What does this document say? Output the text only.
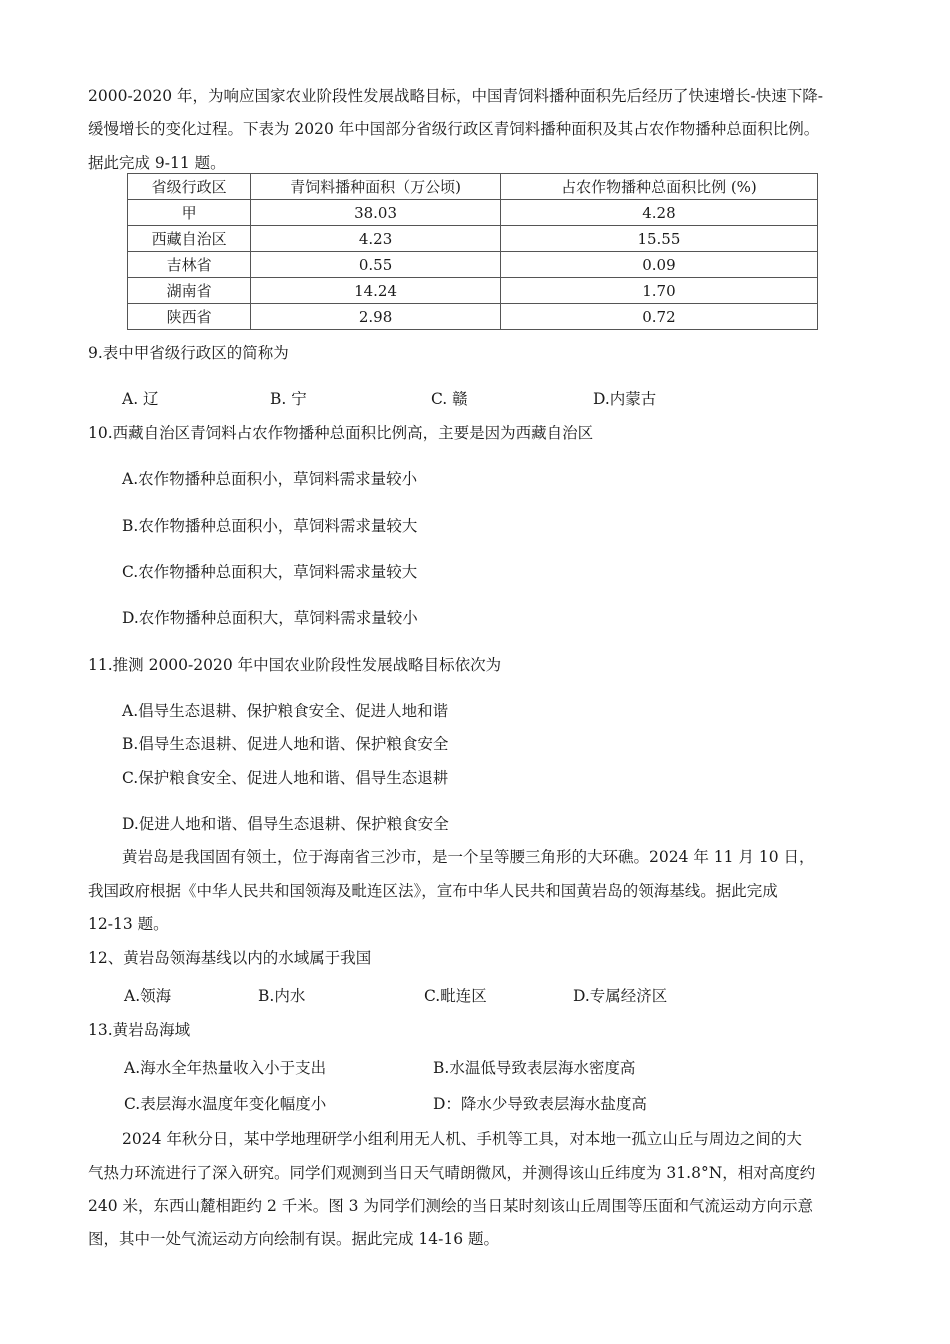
2000-2020 年，为响应国家农业阶段性发展战略目标，中国青饲料播种面积先后经历了快速增长-快速下降-
缓慢增长的变化过程。下表为 2020 年中国部分省级行政区青饲料播种面积及其占农作物播种总面积比例。
据此完成 9-11 题。
省级行政区	青饲料播种面积（万公顷)	占农作物播种总面积比例 (%)
甲	38.03	4.28
西藏自治区	4.23	15.55
吉林省	0.55	0.09
湖南省	14.24	1.70
陕西省	2.98	0.72
9.表中甲省级行政区的简称为
A. 辽	B. 宁	C. 赣	D.内蒙古
10.西藏自治区青饲料占农作物播种总面积比例高，主要是因为西藏自治区
A.农作物播种总面积小，草饲料需求量较小
B.农作物播种总面积小，草饲料需求量较大
C.农作物播种总面积大，草饲料需求量较大
D.农作物播种总面积大，草饲料需求量较小
11.推测 2000-2020 年中国农业阶段性发展战略目标依次为
A.倡导生态退耕、保护粮食安全、促进人地和谐
B.倡导生态退耕、促进人地和谐、保护粮食安全
C.保护粮食安全、促进人地和谐、倡导生态退耕
D.促进人地和谐、倡导生态退耕、保护粮食安全
黄岩岛是我国固有领土，位于海南省三沙市，是一个呈等腰三角形的大环礁。2024 年 11 月 10 日，
我国政府根据《中华人民共和国领海及毗连区法》，宣布中华人民共和国黄岩岛的领海基线。据此完成
12-13 题。
12、黄岩岛领海基线以内的水域属于我国
A.领海	B.内水	C.毗连区	D.专属经济区
13.黄岩岛海域
A.海水全年热量收入小于支出	B.水温低导致表层海水密度高
C.表层海水温度年变化幅度小	D：降水少导致表层海水盐度高
2024 年秋分日，某中学地理研学小组利用无人机、手机等工具，对本地一孤立山丘与周边之间的大
气热力环流进行了深入研究。同学们观测到当日天气晴朗微风，并测得该山丘纬度为 31.8°N，相对高度约
240 米，东西山麓相距约 2 千米。图 3 为同学们测绘的当日某时刻该山丘周围等压面和气流运动方向示意
图，其中一处气流运动方向绘制有误。据此完成 14-16 题。
